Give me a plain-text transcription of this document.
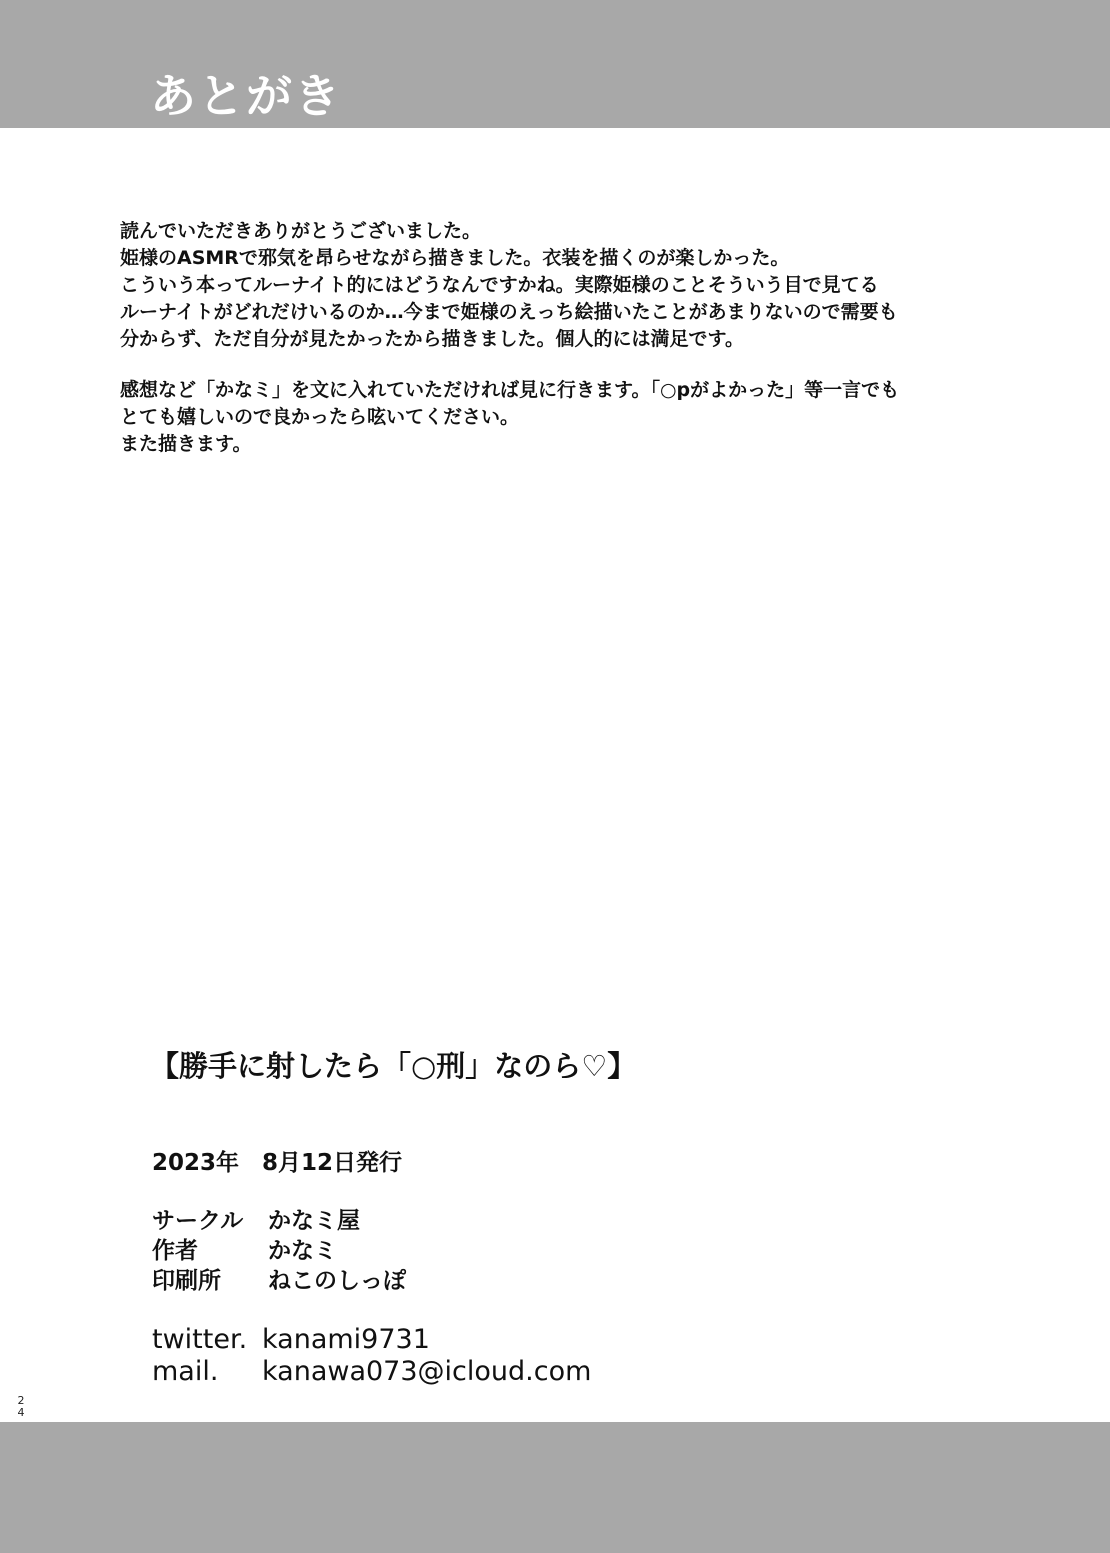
あとがき

読んでいただきありがとうございました。
姫様のASMRで邪気を昂らせながら描きました。衣装を描くのが楽しかった。
こういう本ってルーナイト的にはどうなんですかね。実際姫様のことそういう目で見てる
ルーナイトがどれだけいるのか…今まで姫様のえっち絵描いたことがあまりないので需要も
分からず、ただ自分が見たかったから描きました。個人的には満足です。

感想など「かなミ」を文に入れていただければ見に行きます。「○pがよかった」等一言でも
とても嬉しいので良かったら呟いてください。
また描きます。

【勝手に射したら「○刑」なのら♡】
2023年　8月12日発行
サークル	かなミ屋
作者	かなミ
印刷所	ねこのしっぽ
twitter. kanami9731
mail.	kanawa073@icloud.com
24
